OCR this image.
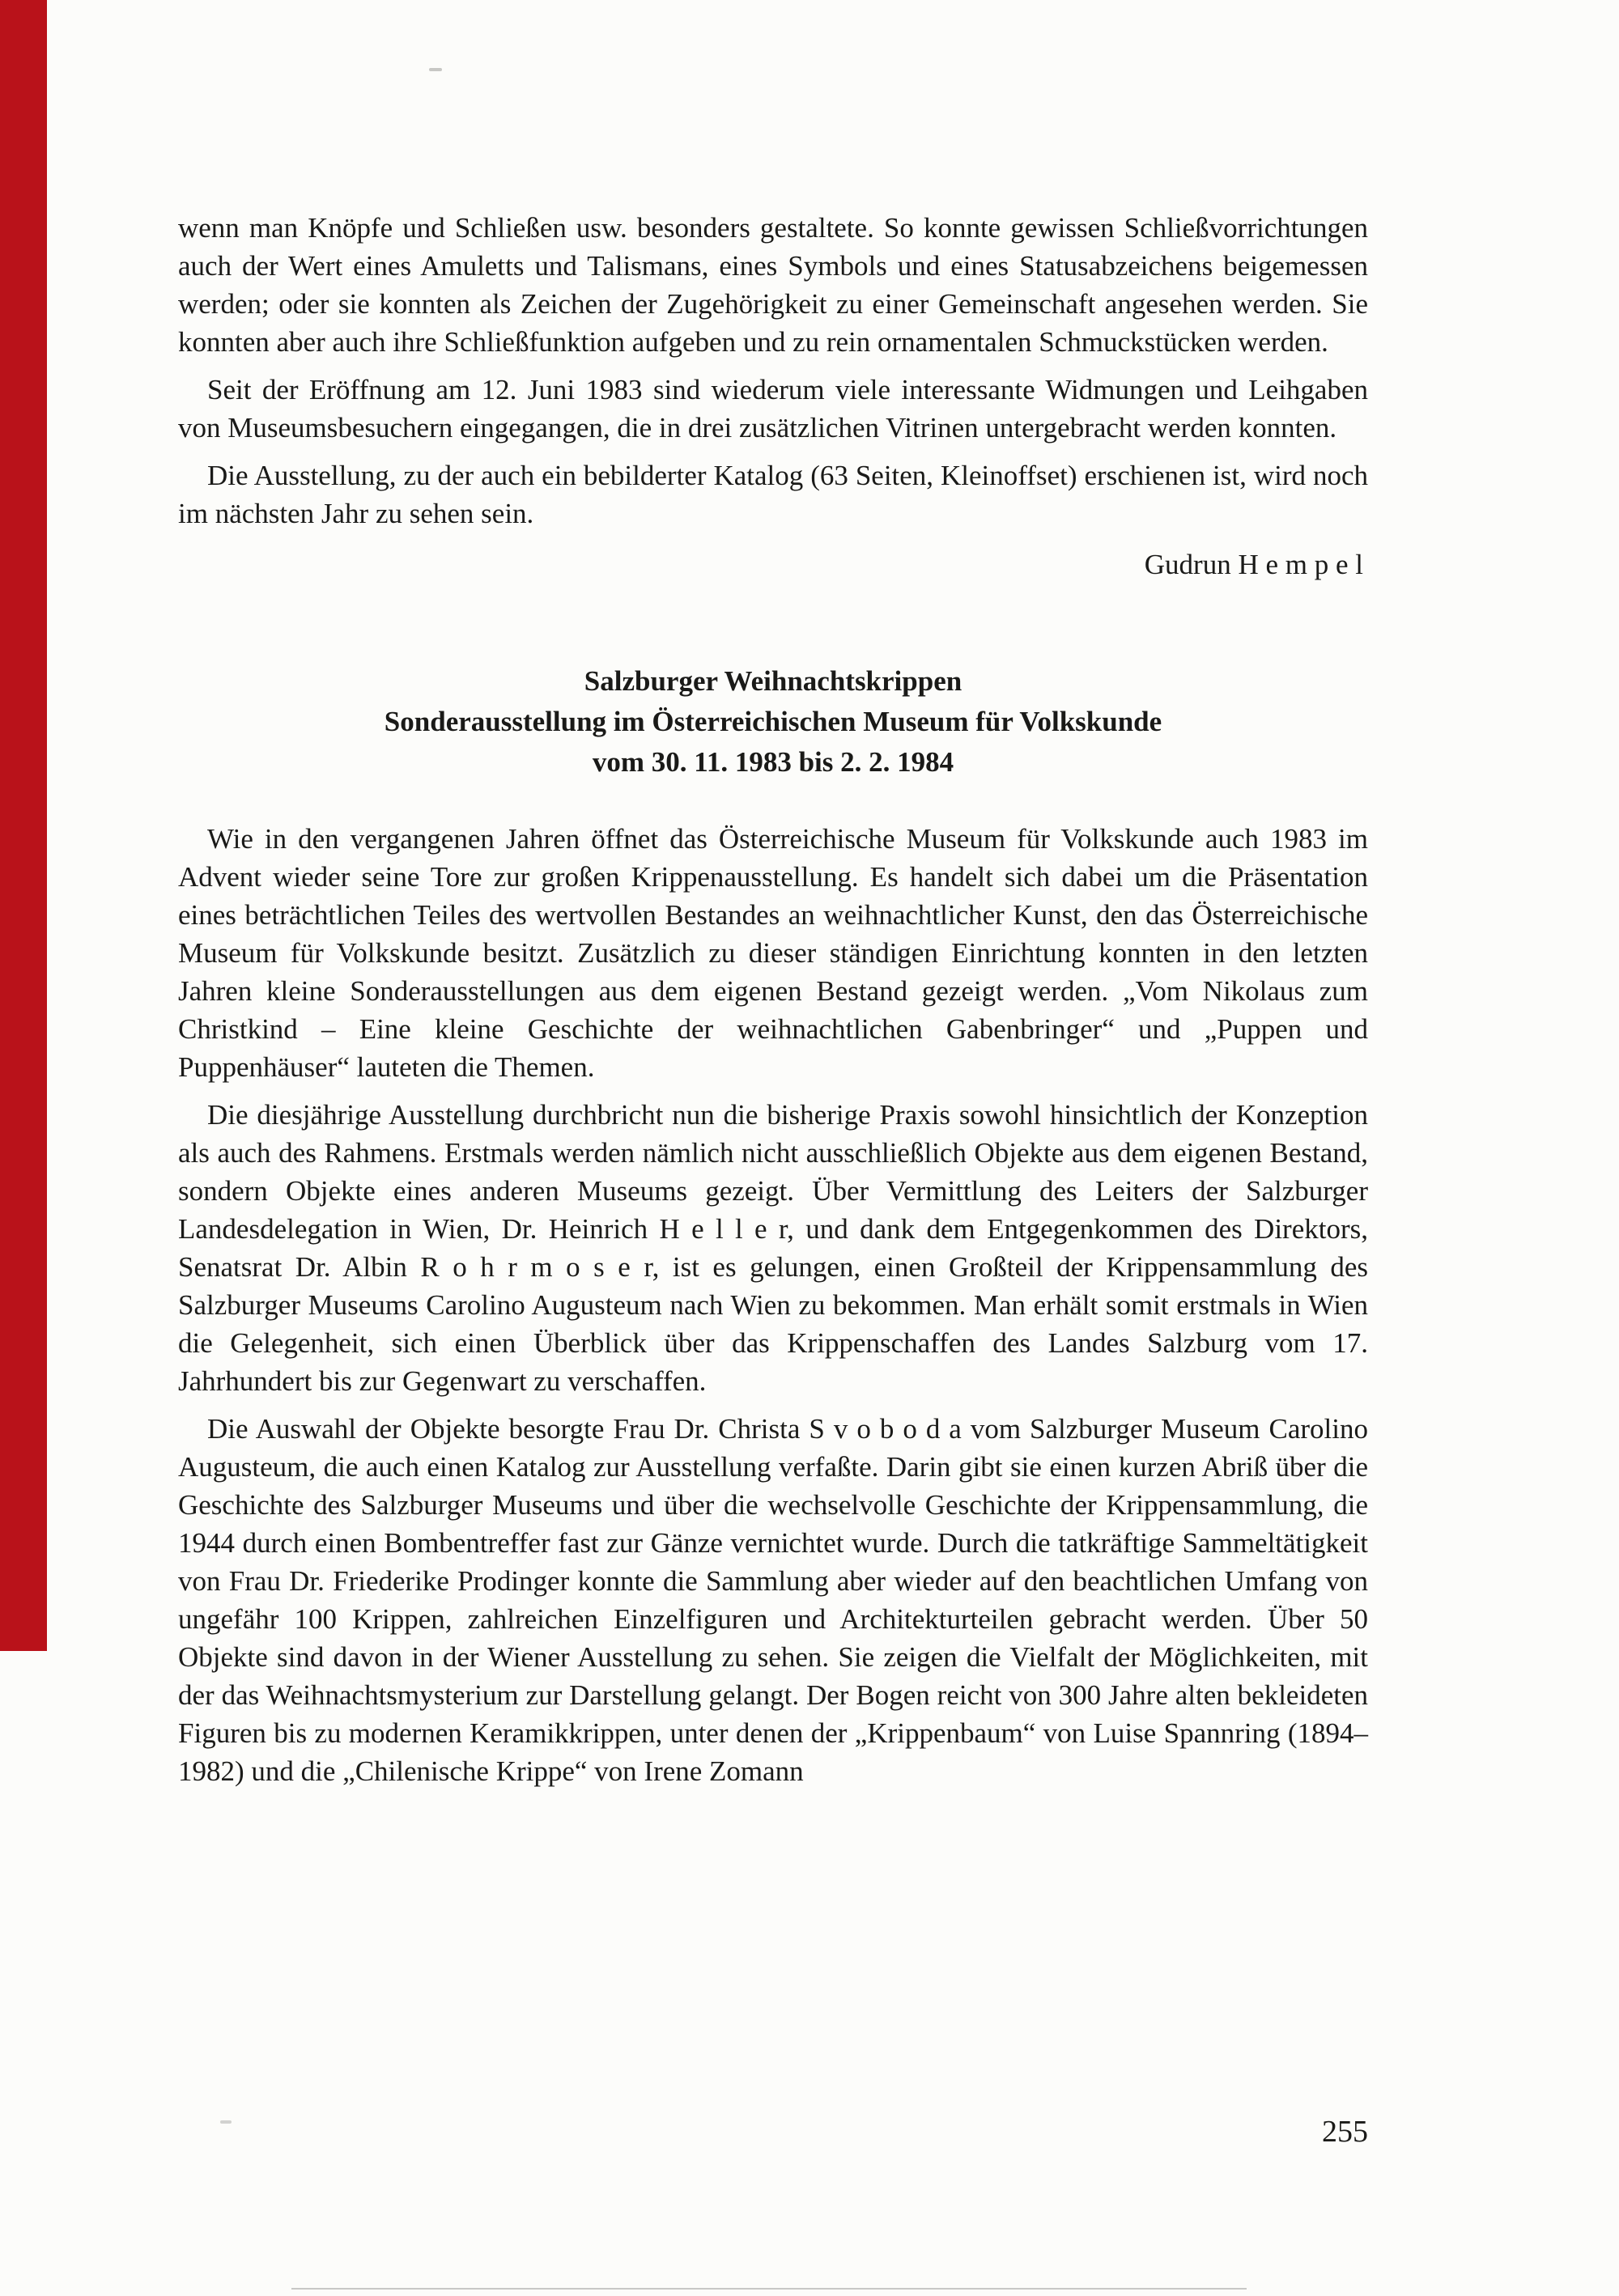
wenn man Knöpfe und Schließen usw. besonders gestaltete. So konnte gewissen Schließvorrichtungen auch der Wert eines Amuletts und Talismans, eines Symbols und eines Statusabzeichens beigemessen werden; oder sie konnten als Zeichen der Zugehörigkeit zu einer Gemeinschaft angesehen werden. Sie konnten aber auch ihre Schließfunktion aufgeben und zu rein ornamentalen Schmuckstücken werden.

Seit der Eröffnung am 12. Juni 1983 sind wiederum viele interessante Widmungen und Leihgaben von Museumsbesuchern eingegangen, die in drei zusätzlichen Vitrinen untergebracht werden konnten.

Die Ausstellung, zu der auch ein bebilderter Katalog (63 Seiten, Kleinoffset) erschienen ist, wird noch im nächsten Jahr zu sehen sein.

Gudrun H e m p e l
Salzburger Weihnachtskrippen
Sonderausstellung im Österreichischen Museum für Volkskunde
vom 30. 11. 1983 bis 2. 2. 1984

Wie in den vergangenen Jahren öffnet das Österreichische Museum für Volkskunde auch 1983 im Advent wieder seine Tore zur großen Krippenausstellung. Es handelt sich dabei um die Präsentation eines beträchtlichen Teiles des wertvollen Bestandes an weihnachtlicher Kunst, den das Österreichische Museum für Volkskunde besitzt. Zusätzlich zu dieser ständigen Einrichtung konnten in den letzten Jahren kleine Sonderausstellungen aus dem eigenen Bestand gezeigt werden. „Vom Nikolaus zum Christkind – Eine kleine Geschichte der weihnachtlichen Gabenbringer“ und „Puppen und Puppenhäuser“ lauteten die Themen.

Die diesjährige Ausstellung durchbricht nun die bisherige Praxis sowohl hinsichtlich der Konzeption als auch des Rahmens. Erstmals werden nämlich nicht ausschließlich Objekte aus dem eigenen Bestand, sondern Objekte eines anderen Museums gezeigt. Über Vermittlung des Leiters der Salzburger Landesdelegation in Wien, Dr. Heinrich H e l l e r, und dank dem Entgegenkommen des Direktors, Senatsrat Dr. Albin R o h r m o s e r, ist es gelungen, einen Großteil der Krippensammlung des Salzburger Museums Carolino Augusteum nach Wien zu bekommen. Man erhält somit erstmals in Wien die Gelegenheit, sich einen Überblick über das Krippenschaffen des Landes Salzburg vom 17. Jahrhundert bis zur Gegenwart zu verschaffen.

Die Auswahl der Objekte besorgte Frau Dr. Christa S v o b o d a vom Salzburger Museum Carolino Augusteum, die auch einen Katalog zur Ausstellung verfaßte. Darin gibt sie einen kurzen Abriß über die Geschichte des Salzburger Museums und über die wechselvolle Geschichte der Krippensammlung, die 1944 durch einen Bombentreffer fast zur Gänze vernichtet wurde. Durch die tatkräftige Sammeltätigkeit von Frau Dr. Friederike Prodinger konnte die Sammlung aber wieder auf den beachtlichen Umfang von ungefähr 100 Krippen, zahlreichen Einzelfiguren und Architekturteilen gebracht werden. Über 50 Objekte sind davon in der Wiener Ausstellung zu sehen. Sie zeigen die Vielfalt der Möglichkeiten, mit der das Weihnachtsmysterium zur Darstellung gelangt. Der Bogen reicht von 300 Jahre alten bekleideten Figuren bis zu modernen Keramikkrippen, unter denen der „Krippenbaum“ von Luise Spannring (1894–1982) und die „Chilenische Krippe“ von Irene Zomann

255
